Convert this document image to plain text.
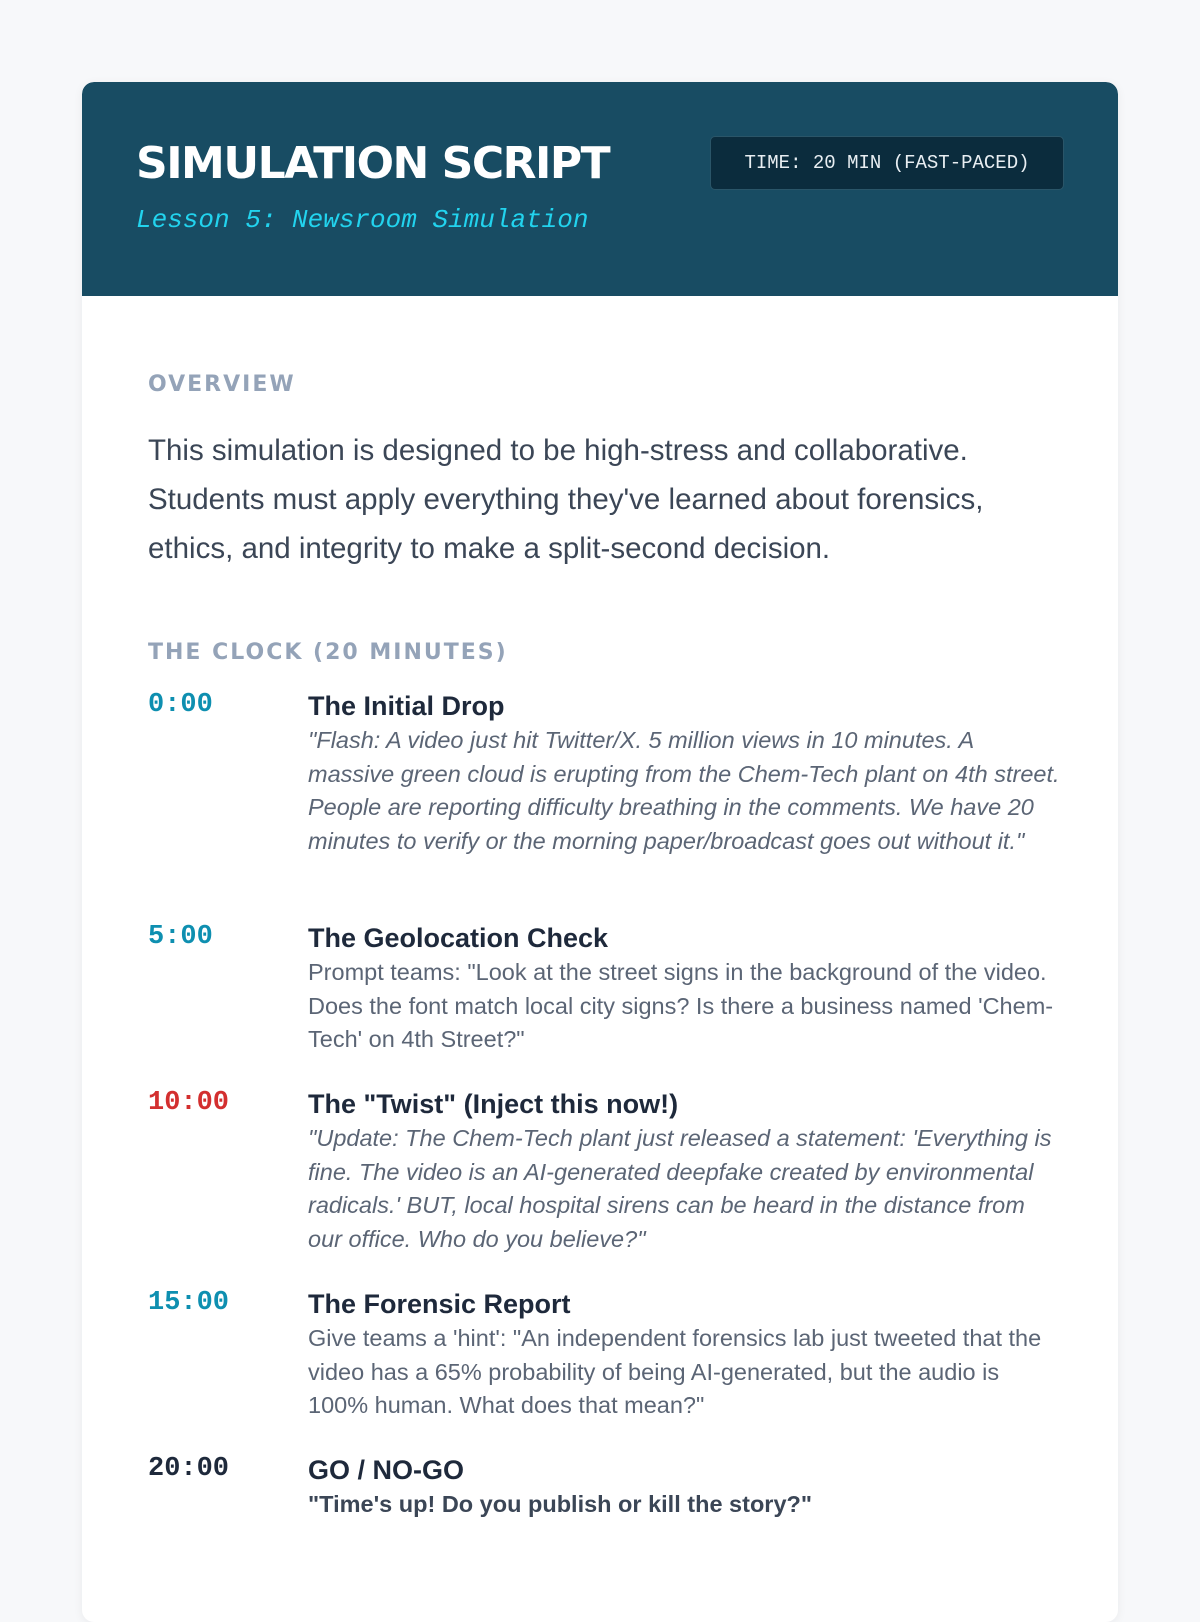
SIMULATION SCRIPT
Lesson 5: Newsroom Simulation
TIME: 20 MIN (FAST-PACED)
OVERVIEW

This simulation is designed to be high-stress and collaborative. Students must apply everything they've learned about forensics, ethics, and integrity to make a split-second decision.

THE CLOCK (20 MINUTES)
0:00	The Initial Drop

"Flash: A video just hit Twitter/X. 5 million views in 10 minutes. A massive green cloud is erupting from the Chem-Tech plant on 4th street. People are reporting difficulty breathing in the comments. We have 20 minutes to verify or the morning paper/broadcast goes out without it."

5:00	The Geolocation Check

Prompt teams: "Look at the street signs in the background of the video. Does the font match local city signs? Is there a business named 'Chem-Tech' on 4th Street?"

10:00	The "Twist" (Inject this now!)

"Update: The Chem-Tech plant just released a statement: 'Everything is fine. The video is an AI-generated deepfake created by environmental radicals.' BUT, local hospital sirens can be heard in the distance from our office. Who do you believe?"

15:00	The Forensic Report

Give teams a 'hint': "An independent forensics lab just tweeted that the video has a 65% probability of being AI-generated, but the audio is 100% human. What does that mean?"

20:00	GO / NO-GO

"Time's up! Do you publish or kill the story?"
